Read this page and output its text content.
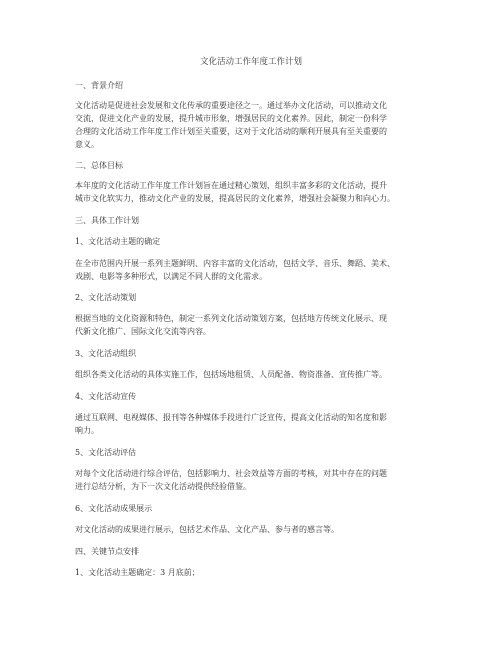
文化活动工作年度工作计划
一、背景介绍
文化活动是促进社会发展和文化传承的重要途径之一。通过举办文化活动，可以推动文化
交流，促进文化产业的发展，提升城市形象，增强居民的文化素养。因此，制定一份科学
合理的文化活动工作年度工作计划至关重要，这对于文化活动的顺利开展具有至关重要的
意义。
二、总体目标
本年度的文化活动工作年度工作计划旨在通过精心策划，组织丰富多彩的文化活动，提升
城市文化软实力，推动文化产业的发展，提高居民的文化素养，增强社会凝聚力和向心力。
三、具体工作计划
1、文化活动主题的确定
在全市范围内开展一系列主题鲜明、内容丰富的文化活动，包括文学、音乐、舞蹈、美术、
戏剧、电影等多种形式，以满足不同人群的文化需求。
2、文化活动策划
根据当地的文化资源和特色，制定一系列文化活动策划方案，包括地方传统文化展示、现
代新文化推广、国际文化交流等内容。
3、文化活动组织
组织各类文化活动的具体实施工作，包括场地租赁、人员配备、物资准备、宣传推广等。
4、文化活动宣传
通过互联网、电视媒体、报刊等各种媒体手段进行广泛宣传，提高文化活动的知名度和影
响力。
5、文化活动评估
对每个文化活动进行综合评估，包括影响力、社会效益等方面的考核，对其中存在的问题
进行总结分析，为下一次文化活动提供经验借鉴。
6、文化活动成果展示
对文化活动的成果进行展示，包括艺术作品、文化产品、参与者的感言等。
四、关键节点安排
1、文化活动主题确定：3 月底前；
